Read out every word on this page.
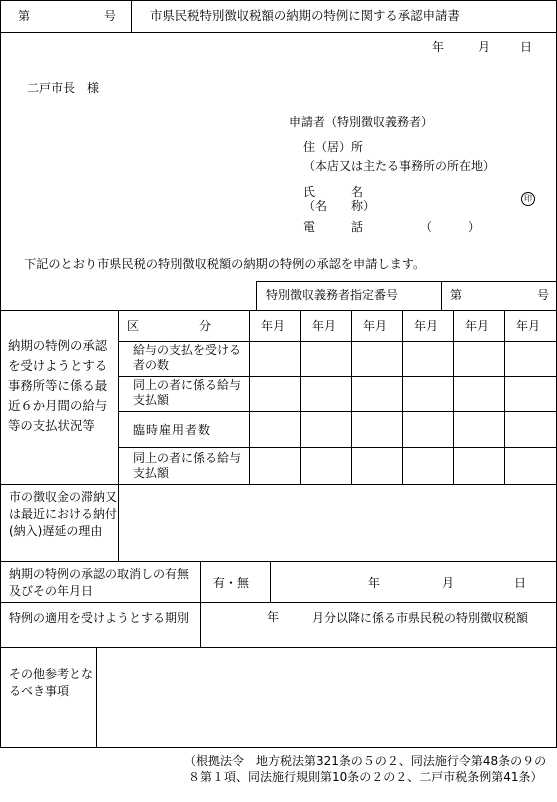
第	号	市県民税特別徴収税額の納期の特例に関する承認申請書
年	月 日
二戸市長　様
申請者（特別徴収義務者）
住（居）所
（本店又は主たる事務所の所在地）
氏　　　名
（名　　称）
印
電　　　話	（　　　）
下記のとおり市県民税の特別徴収税額の納期の特例の承認を申請します。
特別徴収義務者指定番号	第	号
納期の特例の承認を受けようとする事務所等に係る最近６か月間の給与等の支払状況等
区　　　　　分	年月 年月 年月 年月 年月 年月
給与の支払を受ける者の数
同上の者に係る給与支払額
臨時雇用者数
同上の者に係る給与支払額
市の徴収金の滞納又は最近における納付(納入)遅延の理由
納期の特例の承認の取消しの有無及びその年月日
有・無	年	月	日
特例の適用を受けようとする期別	年	月分以降に係る市県民税の特別徴収税額
その他参考となるべき事項
（根拠法令　地方税法第321条の５の２、同法施行令第48条の９の８第１項、同法施行規則第10条の２の２、二戸市税条例第41条）
